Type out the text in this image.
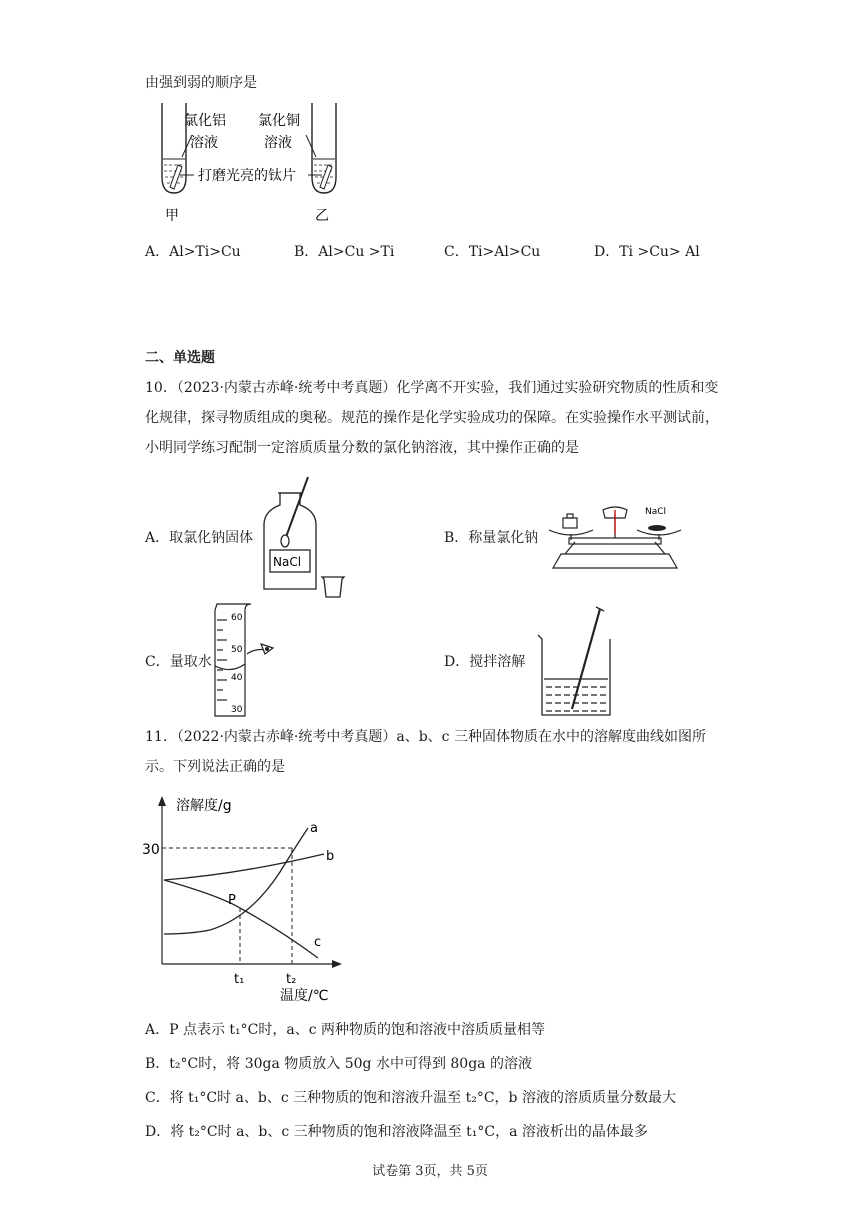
由强到弱的顺序是
氯化铝
溶液
氯化铜
溶液
打磨光亮的钛片
甲	乙
A．Al>Ti>Cu	B．Al>Cu >Ti	C．Ti>Al>Cu	D．Ti >Cu> Al
二、单选题
10．（2023·内蒙古赤峰·统考中考真题）化学离不开实验，我们通过实验研究物质的性质和变化规律，探寻物质组成的奥秘。规范的操作是化学实验成功的保障。在实验操作水平测试前，小明同学练习配制一定溶质质量分数的氯化钠溶液，其中操作正确的是
A．取氯化钠固体
NaCl
B．称量氯化钠
NaCl
C．量取水
60
50
40
30
D．搅拌溶解
11．（2022·内蒙古赤峰·统考中考真题）a、b、c 三种固体物质在水中的溶解度曲线如图所示。下列说法正确的是
溶解度/g
温度/℃
30
t₁	t₂
P
a
b
c
A．P 点表示 t₁°C时，a、c 两种物质的饱和溶液中溶质质量相等
B．t₂°C时，将 30ga 物质放入 50g 水中可得到 80ga 的溶液
C．将 t₁°C时 a、b、c 三种物质的饱和溶液升温至 t₂°C，b 溶液的溶质质量分数最大
D．将 t₂°C时 a、b、c 三种物质的饱和溶液降温至 t₁°C，a 溶液析出的晶体最多
试卷第 3页，共 5页
